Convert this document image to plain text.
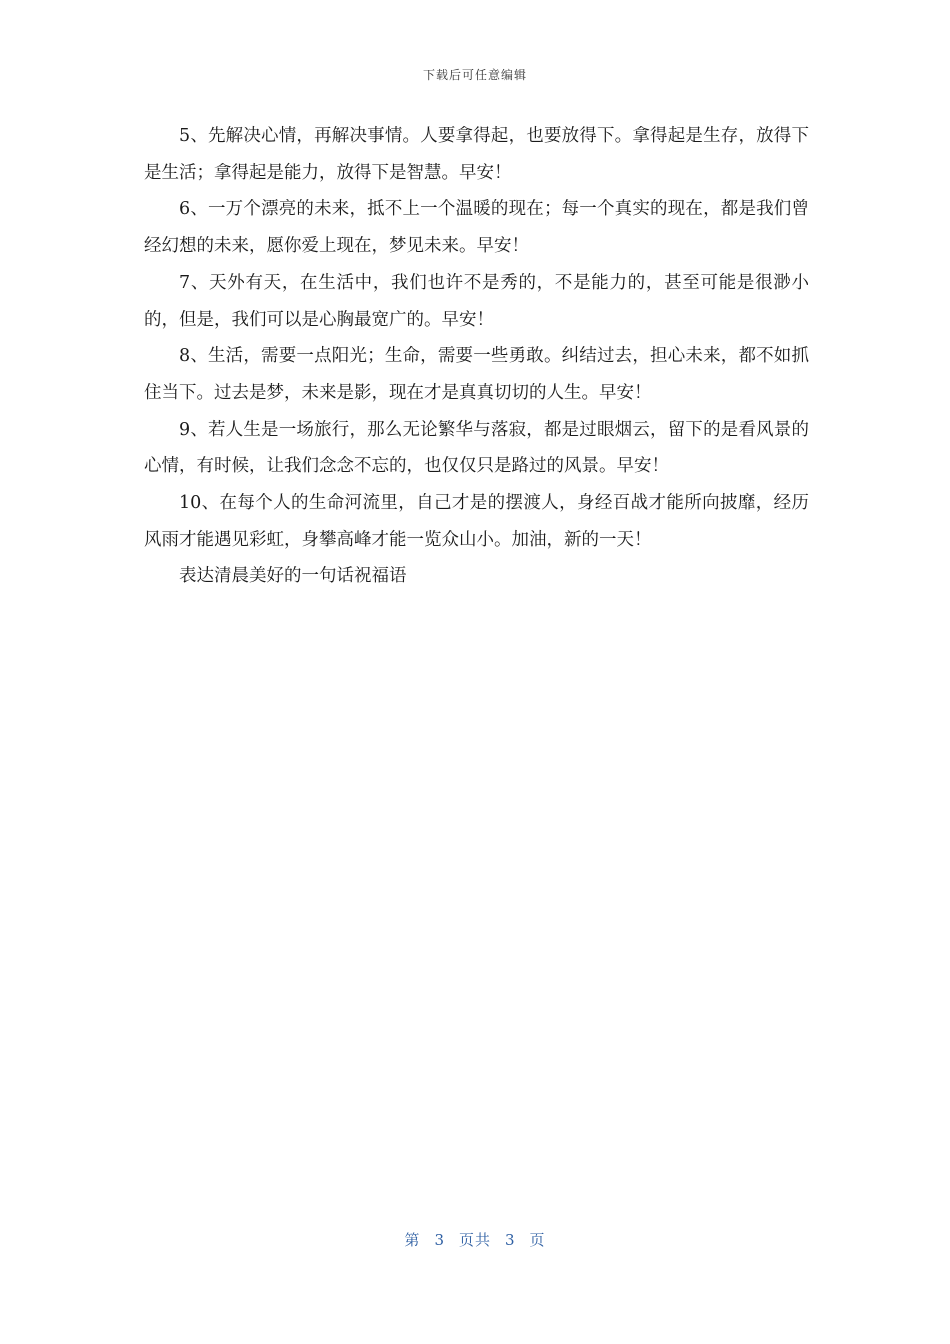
下载后可任意编辑

5、先解决心情，再解决事情。人要拿得起，也要放得下。拿得起是生存，放得下是生活；拿得起是能力，放得下是智慧。早安！

6、一万个漂亮的未来，抵不上一个温暖的现在；每一个真实的现在，都是我们曾经幻想的未来，愿你爱上现在，梦见未来。早安！

7、天外有天，在生活中，我们也许不是秀的，不是能力的，甚至可能是很渺小的，但是，我们可以是心胸最宽广的。早安！

8、生活，需要一点阳光；生命，需要一些勇敢。纠结过去，担心未来，都不如抓住当下。过去是梦，未来是影，现在才是真真切切的人生。早安！

9、若人生是一场旅行，那么无论繁华与落寂，都是过眼烟云，留下的是看风景的心情，有时候，让我们念念不忘的，也仅仅只是路过的风景。早安！

10、在每个人的生命河流里，自己才是的摆渡人，身经百战才能所向披靡，经历风雨才能遇见彩虹，身攀高峰才能一览众山小。加油，新的一天！

表达清晨美好的一句话祝福语

第 3 页共 3 页
